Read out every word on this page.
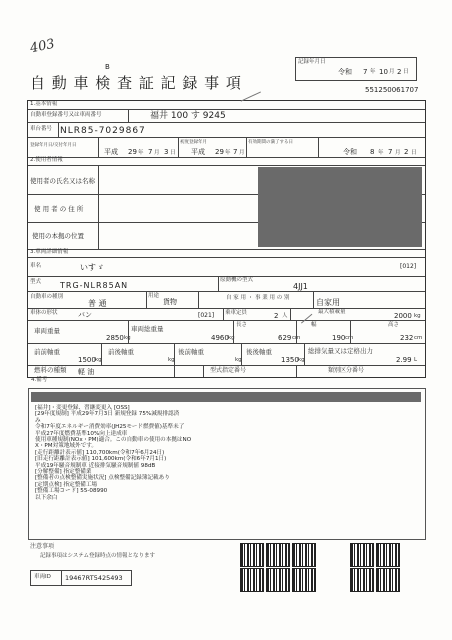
403
B
自 動 車 検 査 証 記 録 事 項
記録年月日
令和 7 年 10 月 2 日
551250061707
1.基本情報
自動車登録番号又は車両番号	福井 100 す 9245
車台番号 NLR85-7029867
登録年月日/交付年月日
平成 29 年 7 月 3 日
初度登録年月
平成 29 年 7 月
有効期間の満了する日
令和 8 年 7 月 2 日
2.使用者情報
使用者の氏名又は名称
使 用 者 の 住 所
使用の本拠の位置
3.車両詳細情報
車名	いすゞ	[012]
型式 TRG-NLR85AN
原動機の型式
4JJ1
自動車の種別
普 通
用途
貨物	自 家 用 ・ 事 業 用 の 別	自家用
車体の形状	バン	[021] 乗車定員	2 人
最大積載量	2000 kg
車両重量
2850 kg
車両総重量
4960 kg
長さ
629 cm
幅
190 cm
高さ
232 cm
前前軸重
1500 kg
前後軸重
kg
後前軸重
kg
後後軸重
1350 kg
総排気量又は定格出力
2.99 L
燃料の種類 軽 油	型式指定番号	類別区分番号
4.備考
[福井]・変更登録、習継変更入 [OSS]
[29年度規制] 平成29年7月3日 新規登録 75%減規排認済
み
令和7年度エネルギー消費効率(JH25モード燃費値)基準未了
平成27年度燃費基準10%向上達成車
使用車種規制(NOx・PM)適合。この自動車の使用の本拠はNO
X・PM対策地域外です。
[走行距離計表示値] 110,700km(令和7年6月24日)
[旧走行距離計表示値] 101,600km(令和6年7月1日)
平成19年騒音規制車 近接排気騒音規制値 98dB
[分解整備] 指定整備業
[整備者の点検整備実施状況] 点検整備記録簿記載あり
[定期点検] 指定整備工場
[整備工場コード] 55-08990
以下余白
注意事項
記録事項はシステム登録時点の情報となります
車両ID 19467RT5425493
